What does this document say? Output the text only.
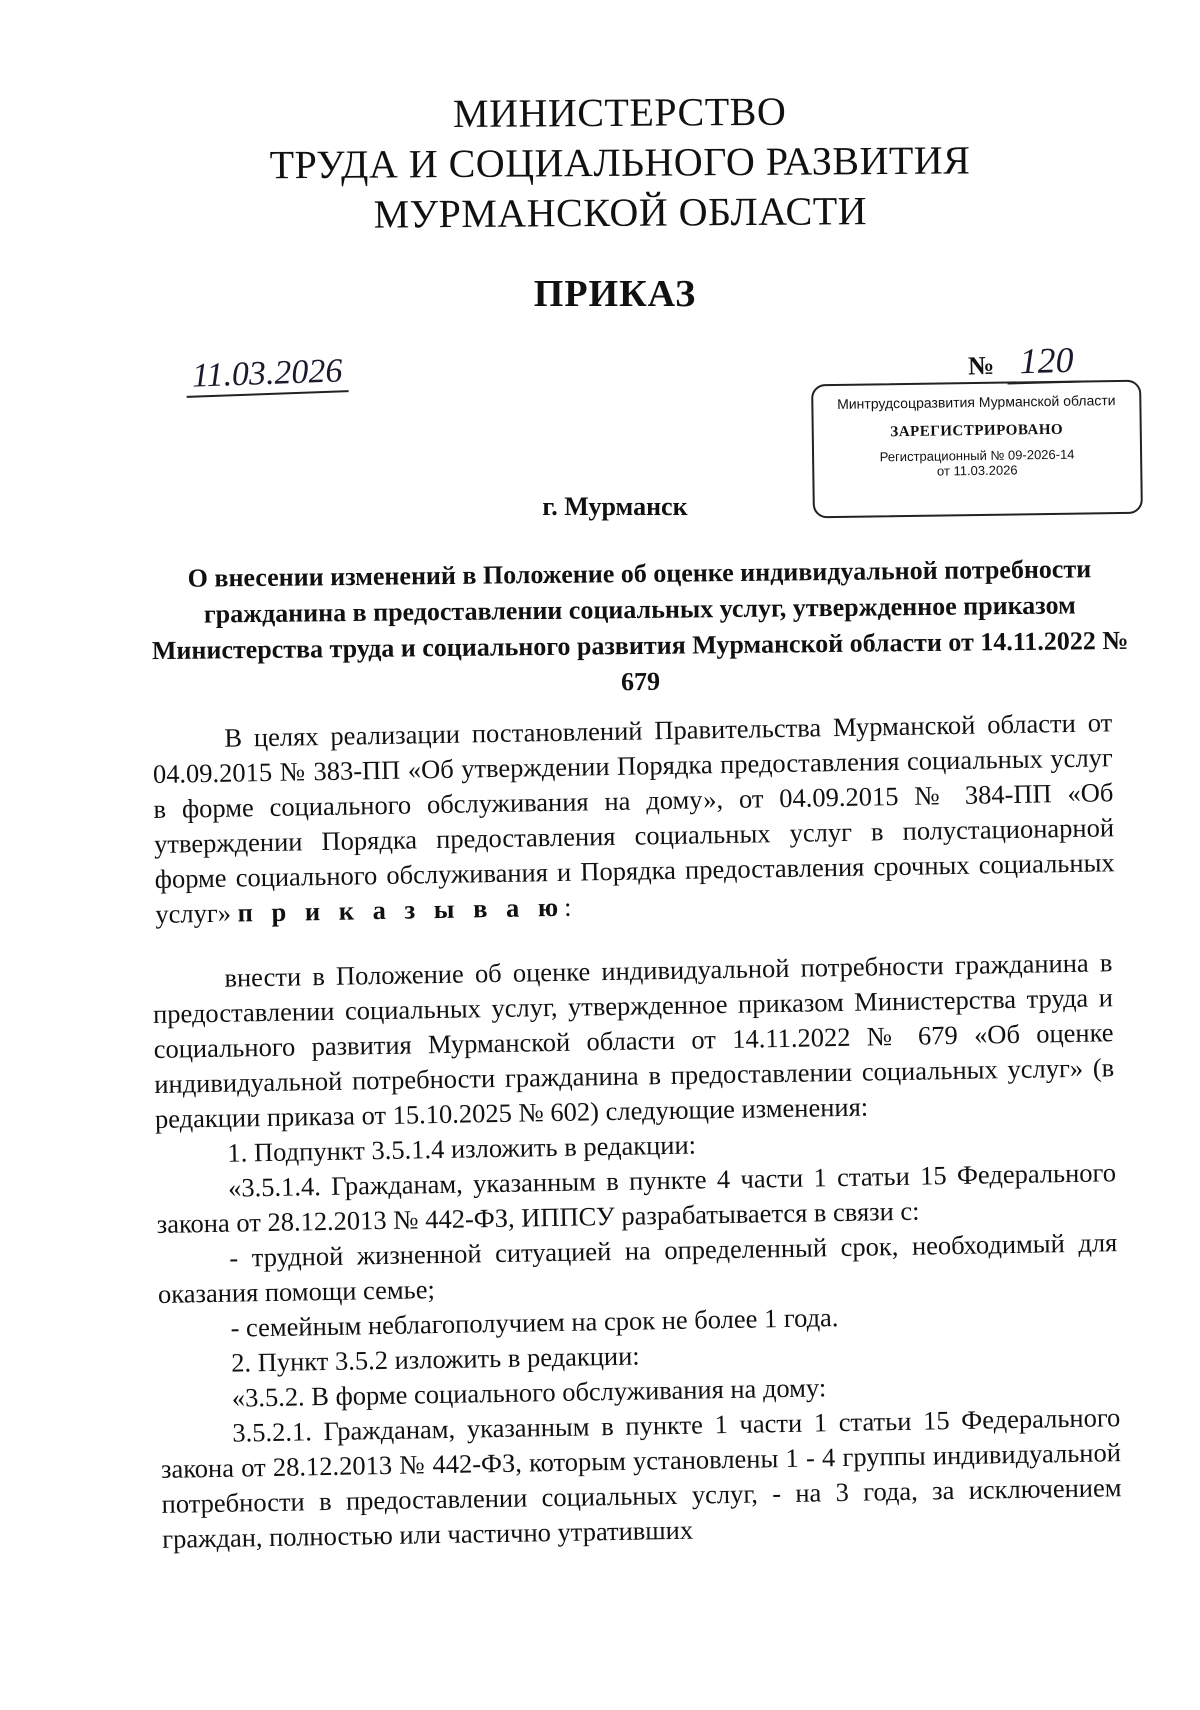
МИНИСТЕРСТВО
ТРУДА И СОЦИАЛЬНОГО РАЗВИТИЯ
МУРМАНСКОЙ ОБЛАСТИ
ПРИКАЗ
11.03.2026	№ 120
Минтрудсоцразвития Мурманской области
ЗАРЕГИСТРИРОВАНО
Регистрационный № 09-2026-14
от 11.03.2026
г. Мурманск
О внесении изменений в Положение об оценке индивидуальной потребности гражданина в предоставлении социальных услуг, утвержденное приказом Министерства труда и социального развития Мурманской области от 14.11.2022 № 679

В целях реализации постановлений Правительства Мурманской области от 04.09.2015 № 383-ПП «Об утверждении Порядка предоставления социальных услуг в форме социального обслуживания на дому», от 04.09.2015 № 384-ПП «Об утверждении Порядка предоставления социальных услуг в полустационарной форме социального обслуживания и Порядка предоставления срочных социальных услуг» п р и к а з ы в а ю:

внести в Положение об оценке индивидуальной потребности гражданина в предоставлении социальных услуг, утвержденное приказом Министерства труда и социального развития Мурманской области от 14.11.2022 № 679 «Об оценке индивидуальной потребности гражданина в предоставлении социальных услуг» (в редакции приказа от 15.10.2025 № 602) следующие изменения:

1. Подпункт 3.5.1.4 изложить в редакции:

«3.5.1.4. Гражданам, указанным в пункте 4 части 1 статьи 15 Федерального закона от 28.12.2013 № 442-ФЗ, ИППСУ разрабатывается в связи с:

- трудной жизненной ситуацией на определенный срок, необходимый для оказания помощи семье;

- семейным неблагополучием на срок не более 1 года.

2. Пункт 3.5.2 изложить в редакции:

«3.5.2. В форме социального обслуживания на дому:

3.5.2.1. Гражданам, указанным в пункте 1 части 1 статьи 15 Федерального закона от 28.12.2013 № 442-ФЗ, которым установлены 1 - 4 группы индивидуальной потребности в предоставлении социальных услуг, - на 3 года, за исключением граждан, полностью или частично утративших
